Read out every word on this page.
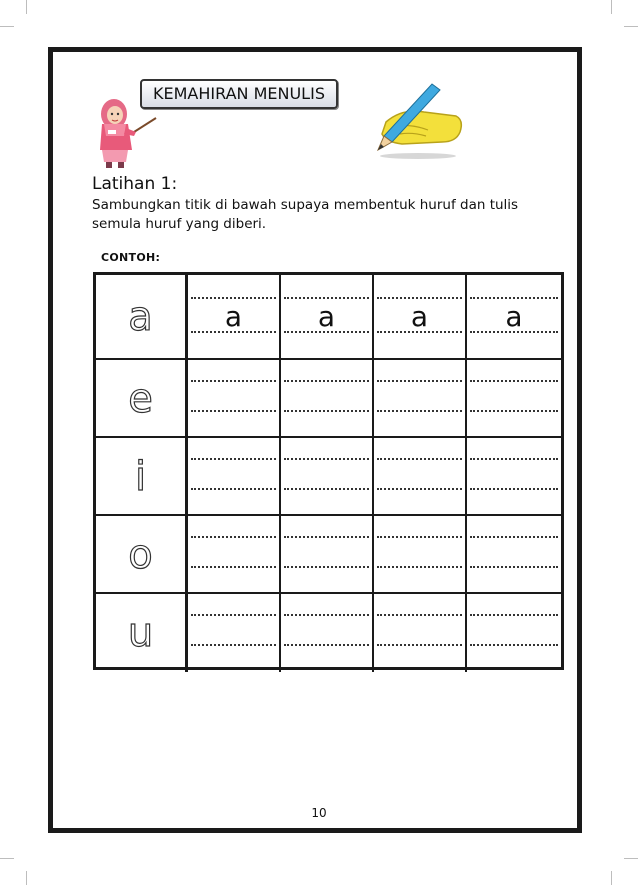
KEMAHIRAN MENULIS
Latihan 1:
Sambungkan titik di bawah supaya membentuk huruf dan tulis semula huruf yang diberi.
CONTOH:
a	a	a	a	a
e
i
o
u
10
